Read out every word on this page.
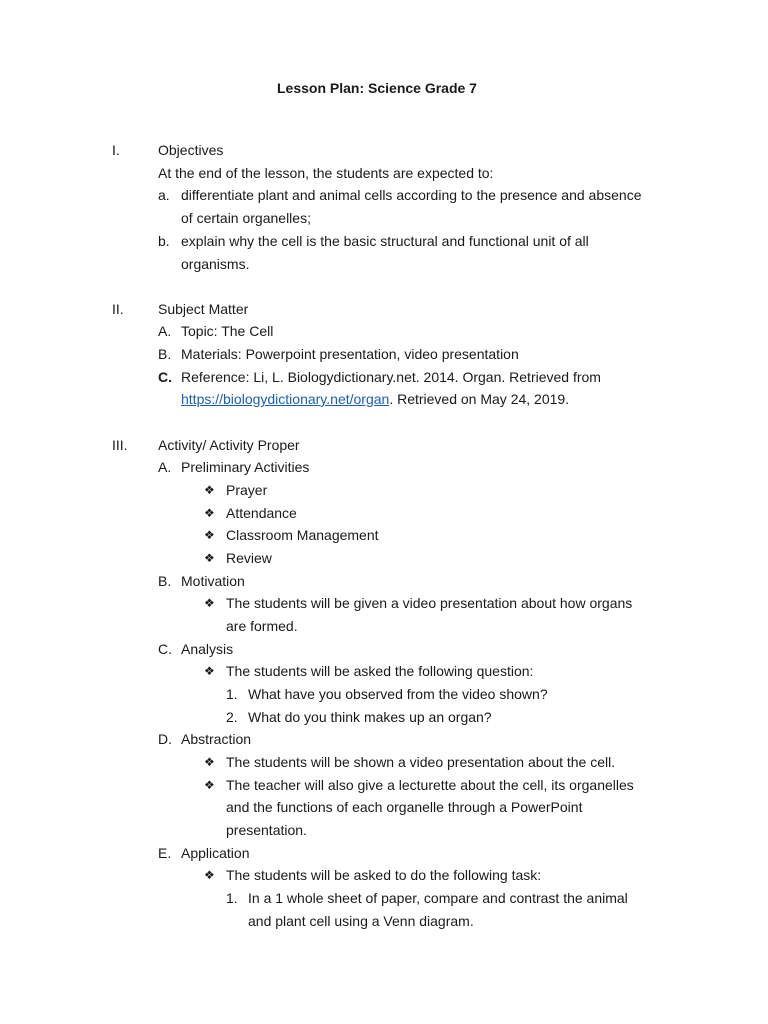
Lesson Plan: Science Grade 7
I.	Objectives
At the end of the lesson, the students are expected to:
a. differentiate plant and animal cells according to the presence and absence
of certain organelles;
b. explain why the cell is the basic structural and functional unit of all
organisms.
II. Subject Matter
A. Topic: The Cell
B. Materials: Powerpoint presentation, video presentation
C. Reference: Li, L. Biologydictionary.net. 2014. Organ. Retrieved from
https://biologydictionary.net/organ. Retrieved on May 24, 2019.
III. Activity/ Activity Proper
A. Preliminary Activities
❖ Prayer
❖ Attendance
❖ Classroom Management
❖ Review
B. Motivation
❖ The students will be given a video presentation about how organs
are formed.
C. Analysis
❖ The students will be asked the following question:
1. What have you observed from the video shown?
2. What do you think makes up an organ?
D. Abstraction
❖ The students will be shown a video presentation about the cell.
❖ The teacher will also give a lecturette about the cell, its organelles
and the functions of each organelle through a PowerPoint
presentation.
E. Application
❖ The students will be asked to do the following task:
1. In a 1 whole sheet of paper, compare and contrast the animal
and plant cell using a Venn diagram.
